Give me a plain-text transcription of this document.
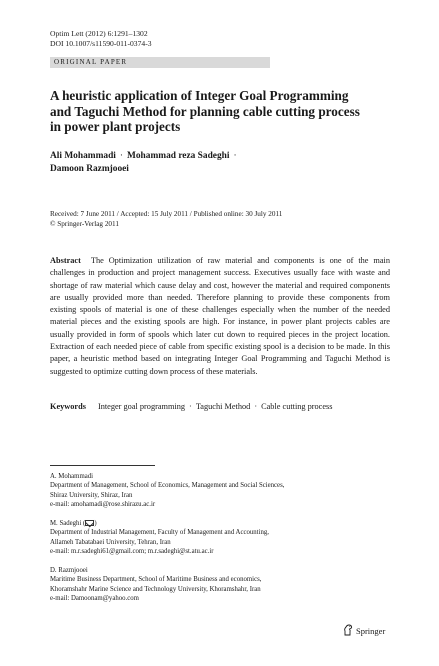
Optim Lett (2012) 6:1291–1302
DOI 10.1007/s11590-011-0374-3
ORIGINAL PAPER
A heuristic application of Integer Goal Programming
and Taguchi Method for planning cable cutting process
in power plant projects
Ali Mohammadi · Mohammad reza Sadeghi ·
Damoon Razmjooei
Received: 7 June 2011 / Accepted: 15 July 2011 / Published online: 30 July 2011
© Springer-Verlag 2011
Abstract The Optimization utilization of raw material and components is one of the main challenges in production and project management success. Executives usually face with waste and shortage of raw material which cause delay and cost, however the material and required components are usually provided more than needed. Therefore planning to provide these components from existing spools of material is one of these challenges especially when the number of the needed material pieces and the existing spools are high. For instance, in power plant projects cables are usually provided in form of spools which later cut down to required pieces in the project location. Extraction of each needed piece of cable from specific existing spool is a decision to be made. In this paper, a heuristic method based on integrating Integer Goal Programming and Taguchi Method is suggested to optimize cutting down process of these materials.
Keywords Integer goal programming · Taguchi Method · Cable cutting process
A. Mohammadi
Department of Management, School of Economics, Management and Social Sciences,
Shiraz University, Shiraz, Iran
e-mail: amohamadi@rose.shirazu.ac.ir
M. Sadeghi ( )
Department of Industrial Management, Faculty of Management and Accounting,
Allameh Tabatabaei University, Tehran, Iran
e-mail: m.r.sadeghi61@gmail.com; m.r.sadeghi@st.atu.ac.ir
D. Razmjooei
Maritime Business Department, School of Maritime Business and economics,
Khoramshahr Marine Science and Technology University, Khoramshahr, Iran
e-mail: Damoonam@yahoo.com
Springer
